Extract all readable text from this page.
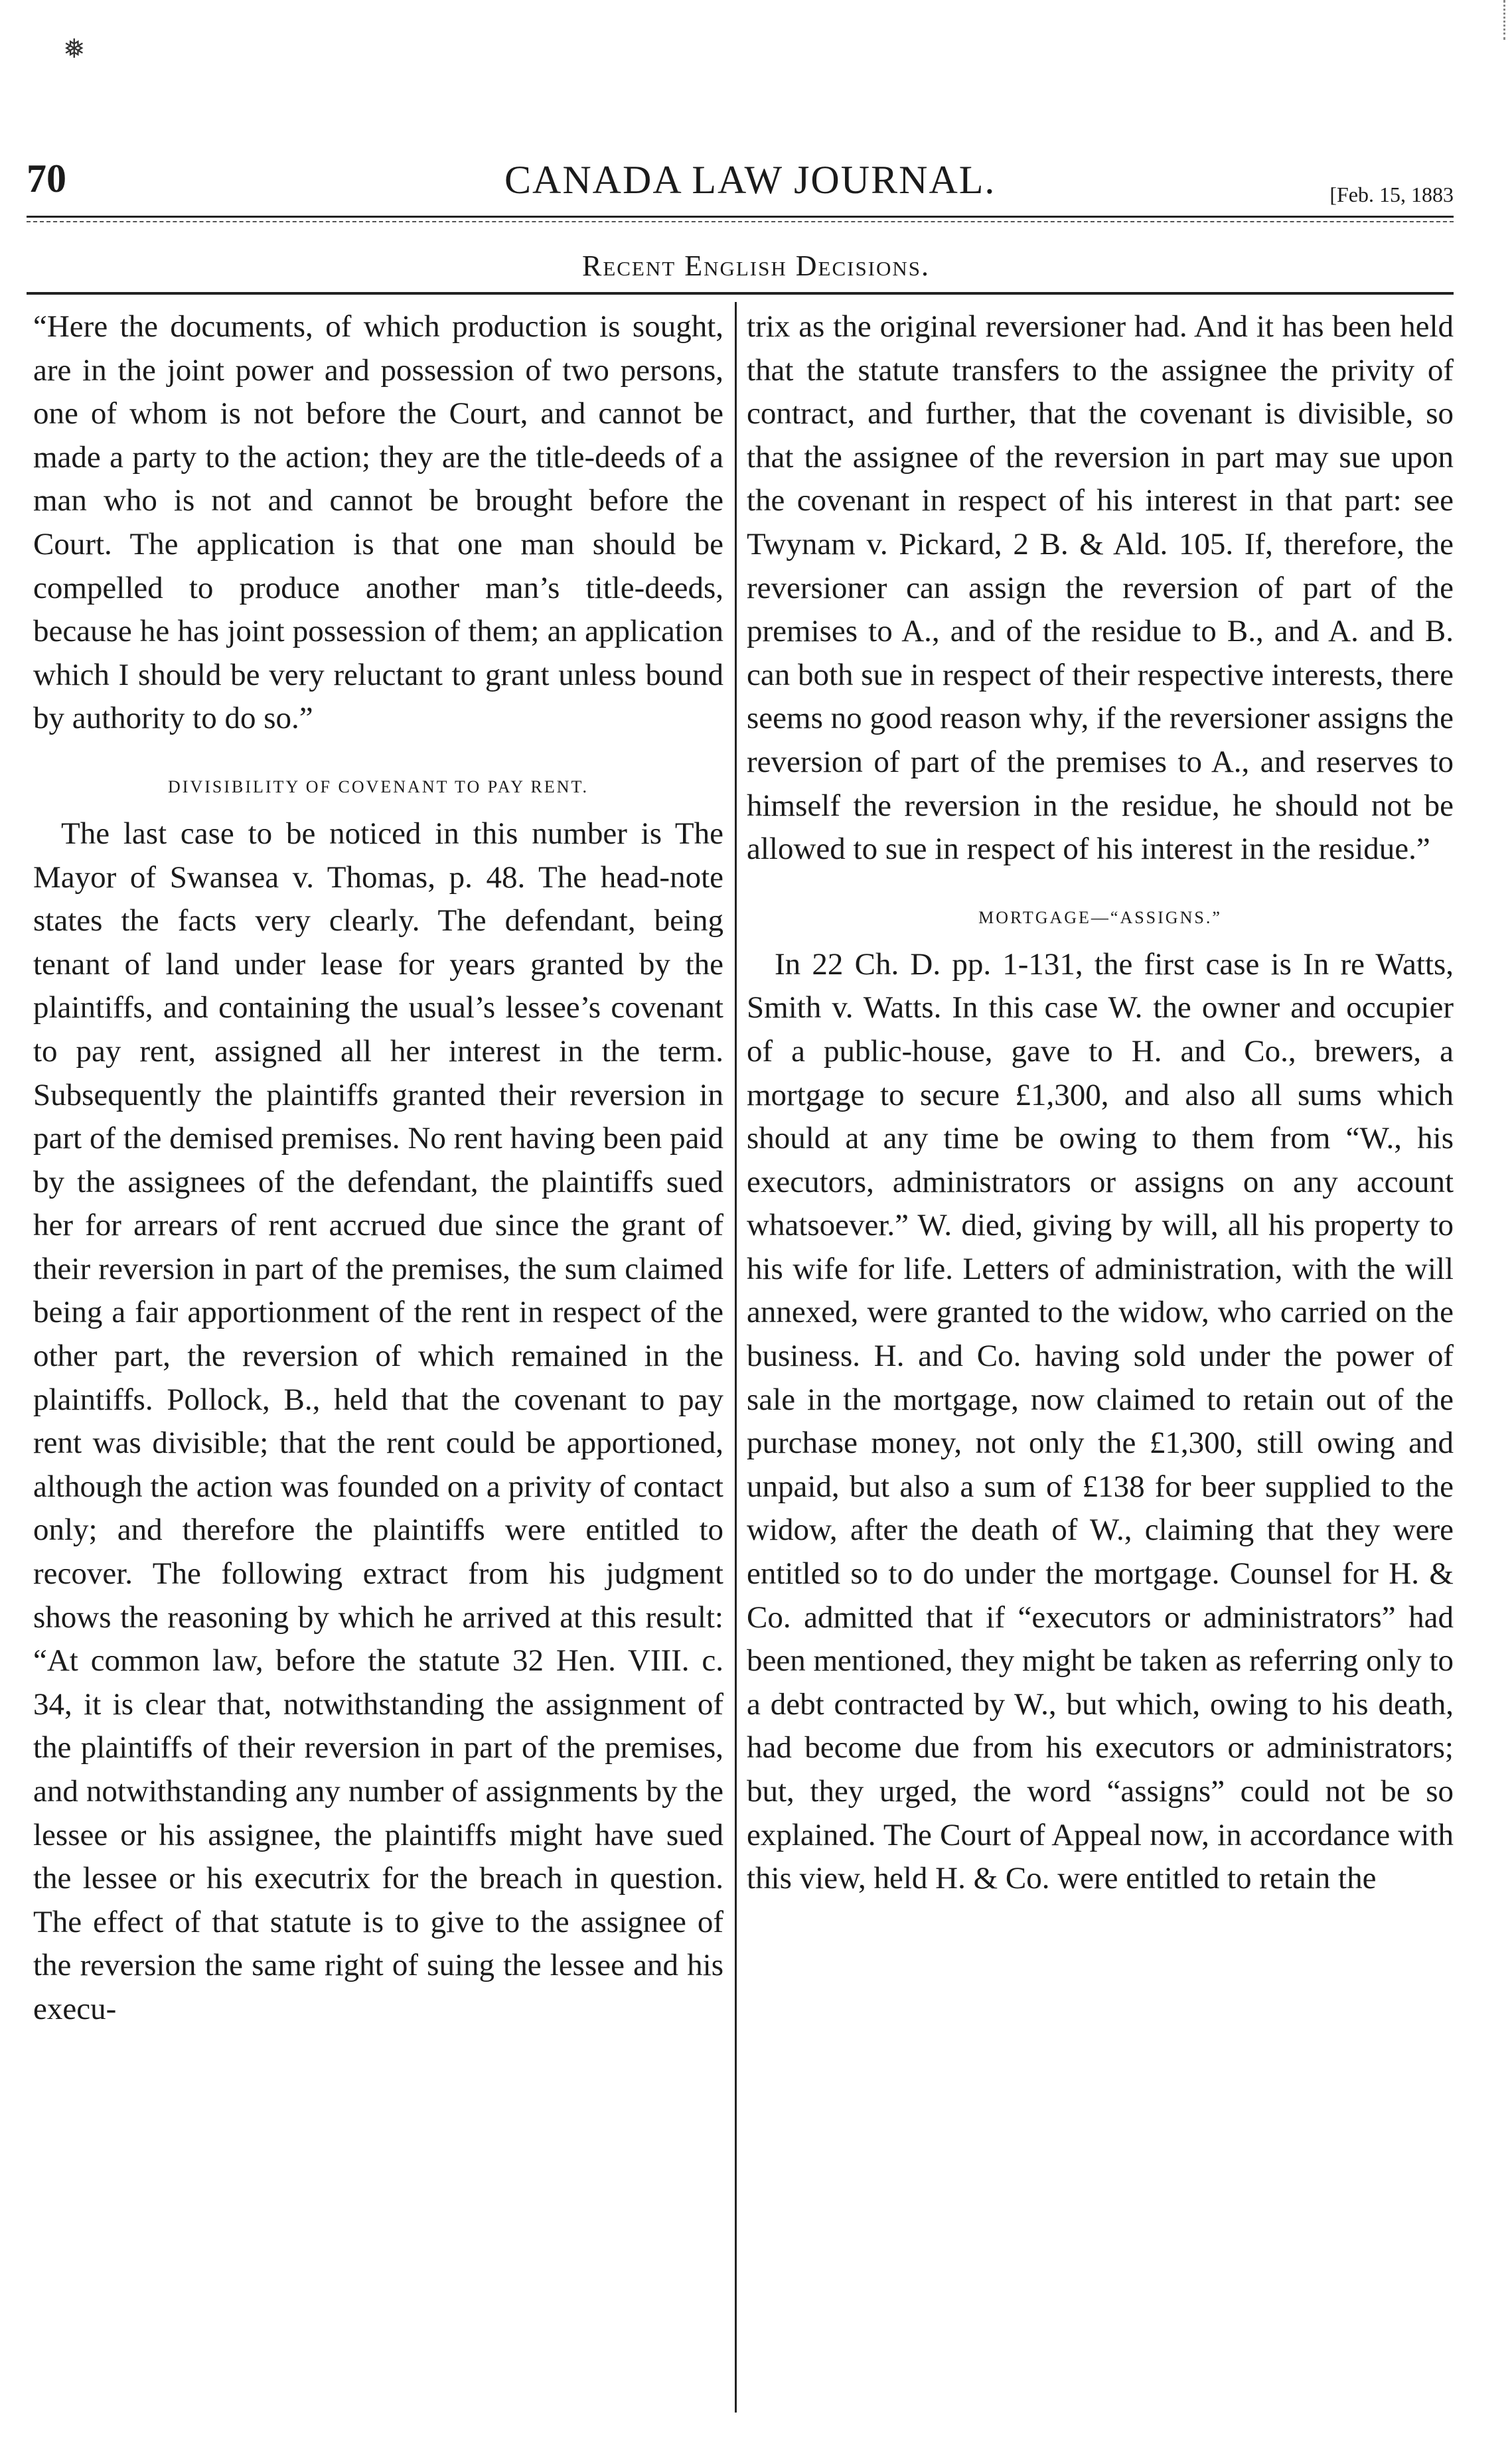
❅
70	CANADA LAW JOURNAL.	[Feb. 15, 1883
Recent English Decisions.

“Here the documents, of which production is sought, are in the joint power and possession of two persons, one of whom is not before the Court, and cannot be made a party to the action; they are the title-deeds of a man who is not and cannot be brought before the Court. The application is that one man should be compelled to produce another man’s title-deeds, because he has joint possession of them; an application which I should be very reluctant to grant unless bound by authority to do so.”

DIVISIBILITY OF COVENANT TO PAY RENT.

The last case to be noticed in this number is The Mayor of Swansea v. Thomas, p. 48. The head-note states the facts very clearly. The defendant, being tenant of land under lease for years granted by the plaintiffs, and containing the usual’s lessee’s covenant to pay rent, assigned all her interest in the term. Subsequently the plaintiffs granted their reversion in part of the demised premises. No rent having been paid by the assignees of the defendant, the plaintiffs sued her for arrears of rent accrued due since the grant of their reversion in part of the premises, the sum claimed being a fair apportionment of the rent in respect of the other part, the reversion of which remained in the plaintiffs. Pollock, B., held that the covenant to pay rent was divisible; that the rent could be apportioned, although the action was founded on a privity of contact only; and therefore the plaintiffs were entitled to recover. The following extract from his judgment shows the reasoning by which he arrived at this result: “At common law, before the statute 32 Hen. VIII. c. 34, it is clear that, notwithstanding the assignment of the plaintiffs of their reversion in part of the premises, and notwithstanding any number of assignments by the lessee or his assignee, the plaintiffs might have sued the lessee or his executrix for the breach in question. The effect of that statute is to give to the assignee of the reversion the same right of suing the lessee and his execu-

trix as the original reversioner had. And it has been held that the statute transfers to the assignee the privity of contract, and further, that the covenant is divisible, so that the assignee of the reversion in part may sue upon the covenant in respect of his interest in that part: see Twynam v. Pickard, 2 B. & Ald. 105. If, therefore, the reversioner can assign the reversion of part of the premises to A., and of the residue to B., and A. and B. can both sue in respect of their respective interests, there seems no good reason why, if the reversioner assigns the reversion of part of the premises to A., and reserves to himself the reversion in the residue, he should not be allowed to sue in respect of his interest in the residue.”

MORTGAGE—“ASSIGNS.”

In 22 Ch. D. pp. 1-131, the first case is In re Watts, Smith v. Watts. In this case W. the owner and occupier of a public-house, gave to H. and Co., brewers, a mortgage to secure £1,300, and also all sums which should at any time be owing to them from “W., his executors, administrators or assigns on any account whatsoever.” W. died, giving by will, all his property to his wife for life. Letters of administration, with the will annexed, were granted to the widow, who carried on the business. H. and Co. having sold under the power of sale in the mortgage, now claimed to retain out of the purchase money, not only the £1,300, still owing and unpaid, but also a sum of £138 for beer supplied to the widow, after the death of W., claiming that they were entitled so to do under the mortgage. Counsel for H. & Co. admitted that if “executors or administrators” had been mentioned, they might be taken as referring only to a debt contracted by W., but which, owing to his death, had become due from his executors or administrators; but, they urged, the word “assigns” could not be so explained. The Court of Appeal now, in accordance with this view, held H. & Co. were entitled to retain the
